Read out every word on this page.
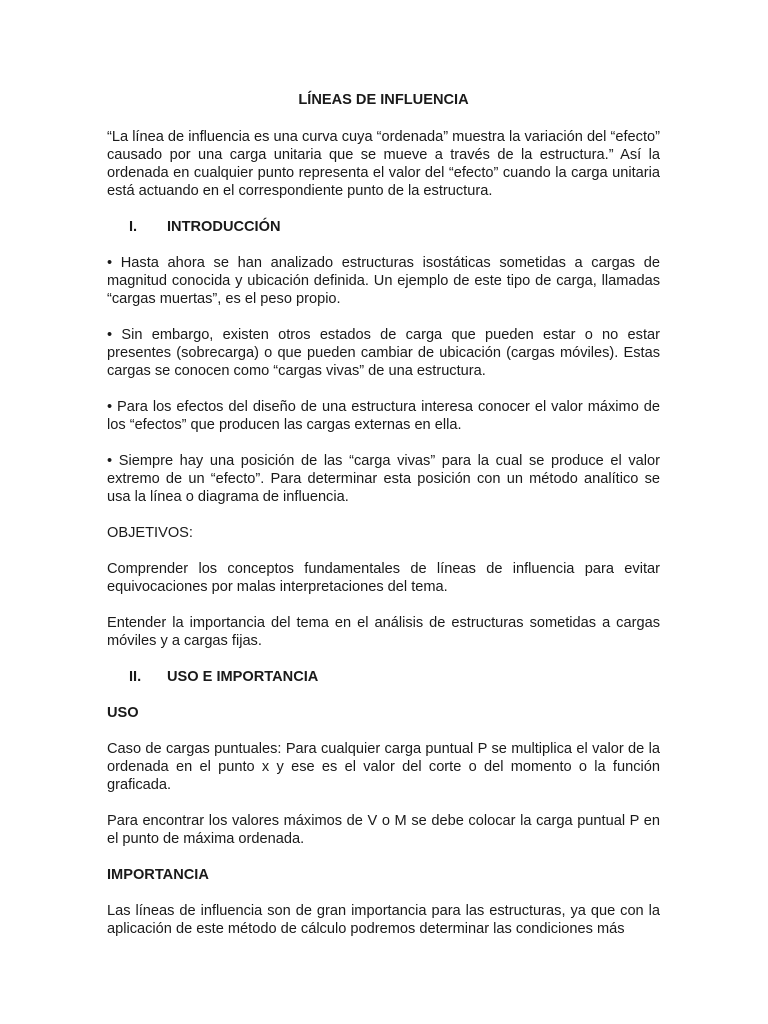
LÍNEAS DE INFLUENCIA

“La línea de influencia es una curva cuya “ordenada” muestra la variación del “efecto” causado por una carga unitaria que se mueve a través de la estructura.” Así la ordenada en cualquier punto representa el valor del “efecto” cuando la carga unitaria está actuando en el correspondiente punto de la estructura.

I.	INTRODUCCIÓN

• Hasta ahora se han analizado estructuras isostáticas sometidas a cargas de magnitud conocida y ubicación definida. Un ejemplo de este tipo de carga, llamadas “cargas muertas”, es el peso propio.

• Sin embargo, existen otros estados de carga que pueden estar o no estar presentes (sobrecarga) o que pueden cambiar de ubicación (cargas móviles). Estas cargas se conocen como “cargas vivas” de una estructura.

• Para los efectos del diseño de una estructura interesa conocer el valor máximo de los “efectos” que producen las cargas externas en ella.

• Siempre hay una posición de las “carga vivas” para la cual se produce el valor extremo de un “efecto”. Para determinar esta posición con un método analítico se usa la línea o diagrama de influencia.

OBJETIVOS:

Comprender los conceptos fundamentales de líneas de influencia para evitar equivocaciones por malas interpretaciones del tema.

Entender la importancia del tema en el análisis de estructuras sometidas a cargas móviles y a cargas fijas.

II.	USO E IMPORTANCIA

USO

Caso de cargas puntuales: Para cualquier carga puntual P se multiplica el valor de la ordenada en el punto x y ese es el valor del corte o del momento o la función graficada.

Para encontrar los valores máximos de V o M se debe colocar la carga puntual P en el punto de máxima ordenada.

IMPORTANCIA

Las líneas de influencia son de gran importancia para las estructuras, ya que con la aplicación de este método de cálculo podremos determinar las condiciones más
